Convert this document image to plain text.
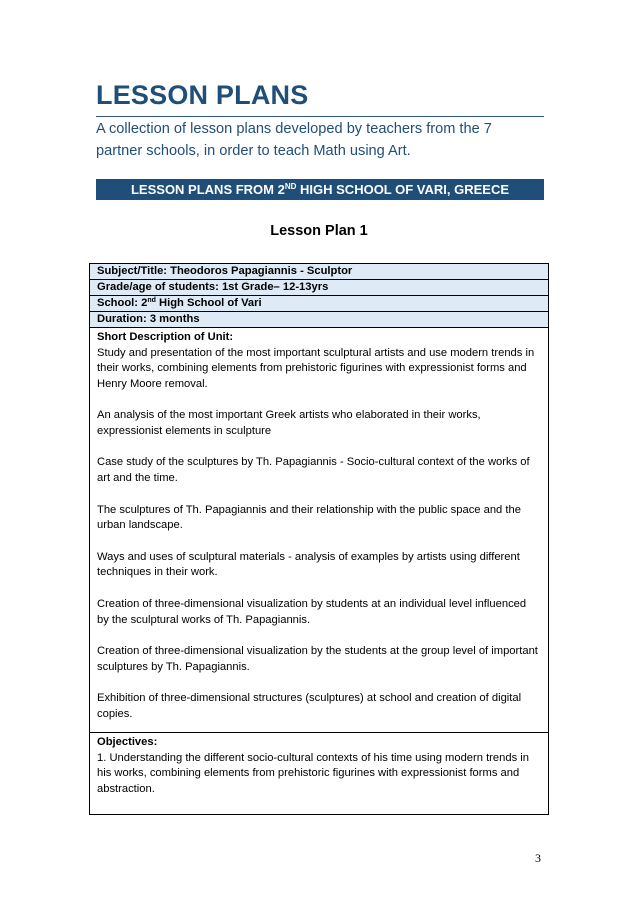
LESSON PLANS
A collection of lesson plans developed by teachers from the 7 partner schools, in order to teach Math using Art.
LESSON PLANS FROM 2ND HIGH SCHOOL OF VARI, GREECE
Lesson Plan 1
Subject/Title: Theodoros Papagiannis - Sculptor
Grade/age of students: 1st Grade– 12-13yrs
School: 2nd High School of Vari
Duration: 3 months
Short Description of Unit:

Study and presentation of the most important sculptural artists and use modern trends in their works, combining elements from prehistoric figurines with expressionist forms and Henry Moore removal.

An analysis of the most important Greek artists who elaborated in their works, expressionist elements in sculpture

Case study of the sculptures by Th. Papagiannis - Socio-cultural context of the works of art and the time.

The sculptures of Th. Papagiannis and their relationship with the public space and the urban landscape.

Ways and uses of sculptural materials - analysis of examples by artists using different techniques in their work.

Creation of three-dimensional visualization by students at an individual level influenced by the sculptural works of Th. Papagiannis.

Creation of three-dimensional visualization by the students at the group level of important sculptures by Th. Papagiannis.

Exhibition of three-dimensional structures (sculptures) at school and creation of digital copies.

Objectives:

1. Understanding the different socio-cultural contexts of his time using modern trends in his works, combining elements from prehistoric figurines with expressionist forms and abstraction.

3
